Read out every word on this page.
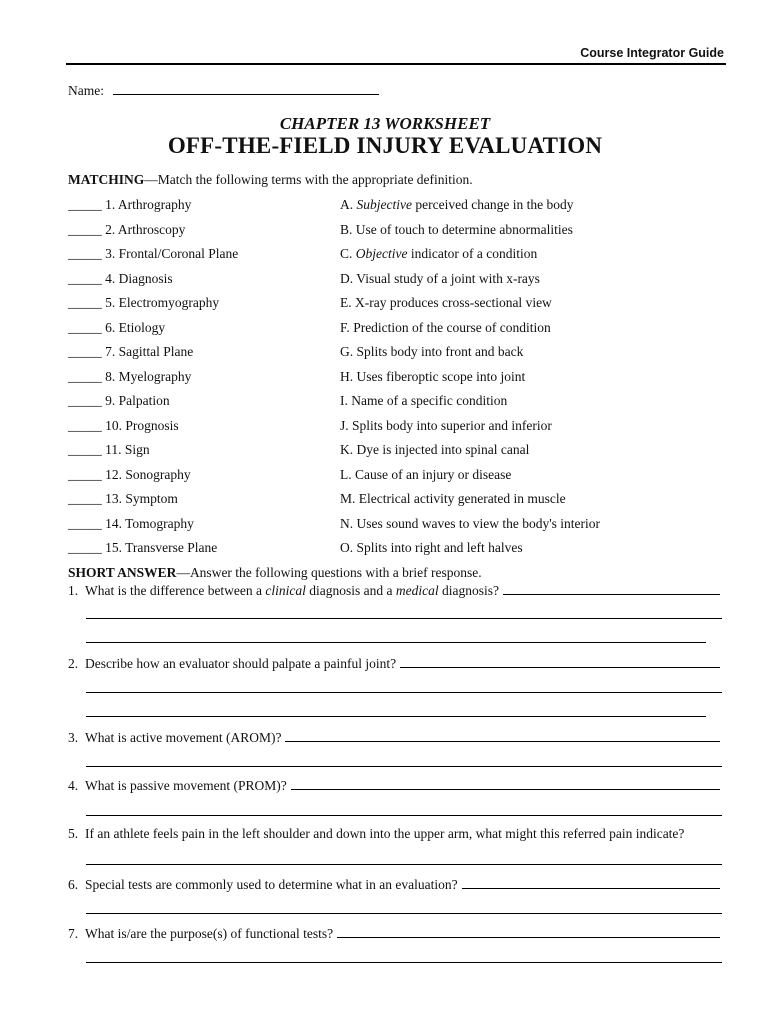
Course Integrator Guide
Name:
CHAPTER 13 WORKSHEET
OFF-THE-FIELD INJURY EVALUATION
MATCHING—Match the following terms with the appropriate definition.
_____ 1. Arthrography	A. Subjective perceived change in the body
_____ 2. Arthroscopy	B. Use of touch to determine abnormalities
_____ 3. Frontal/Coronal Plane	C. Objective indicator of a condition
_____ 4. Diagnosis	D. Visual study of a joint with x-rays
_____ 5. Electromyography	E. X-ray produces cross-sectional view
_____ 6. Etiology	F. Prediction of the course of condition
_____ 7. Sagittal Plane	G. Splits body into front and back
_____ 8. Myelography	H. Uses fiberoptic scope into joint
_____ 9. Palpation	I. Name of a specific condition
_____ 10. Prognosis	J. Splits body into superior and inferior
_____ 11. Sign	K. Dye is injected into spinal canal
_____ 12. Sonography	L. Cause of an injury or disease
_____ 13. Symptom	M. Electrical activity generated in muscle
_____ 14. Tomography	N. Uses sound waves to view the body's interior
_____ 15. Transverse Plane	O. Splits into right and left halves
SHORT ANSWER—Answer the following questions with a brief response.
1. What is the difference between a clinical diagnosis and a medical diagnosis?
2. Describe how an evaluator should palpate a painful joint?
3. What is active movement (AROM)?
4. What is passive movement (PROM)?
5. If an athlete feels pain in the left shoulder and down into the upper arm, what might this referred pain indicate?
6. Special tests are commonly used to determine what in an evaluation?
7. What is/are the purpose(s) of functional tests?
